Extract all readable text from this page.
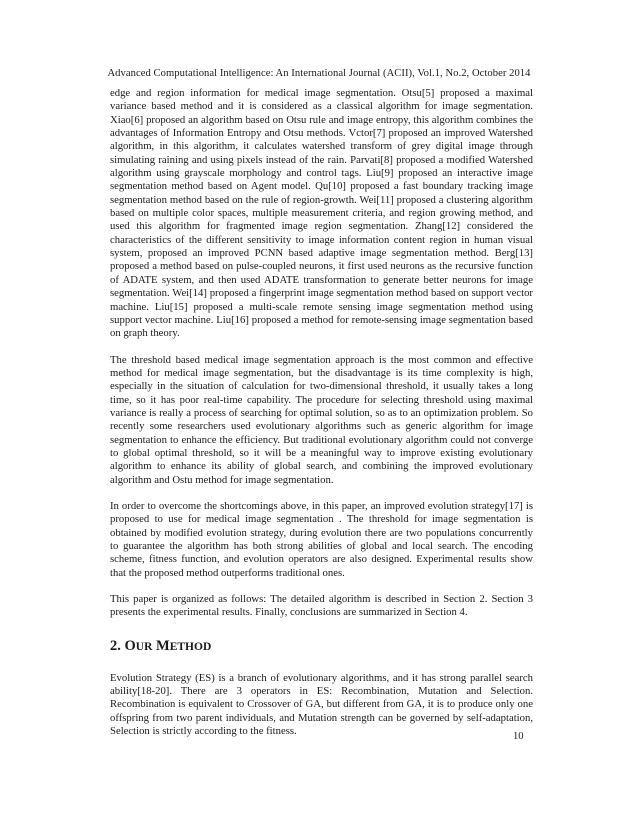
Advanced Computational Intelligence: An International Journal (ACII), Vol.1, No.2, October 2014

edge and region information for medical image segmentation. Otsu[5] proposed a maximal variance based method and it is considered as a classical algorithm for image segmentation. Xiao[6] proposed an algorithm based on Otsu rule and image entropy, this algorithm combines the advantages of Information Entropy and Otsu methods. Vctor[7] proposed an improved Watershed algorithm, in this algorithm, it calculates watershed transform of grey digital image through simulating raining and using pixels instead of the rain. Parvati[8] proposed a modified Watershed algorithm using grayscale morphology and control tags. Liu[9] proposed an interactive image segmentation method based on Agent model. Qu[10] proposed a fast boundary tracking image segmentation method based on the rule of region-growth. Wei[11] proposed a clustering algorithm based on multiple color spaces, multiple measurement criteria, and region growing method, and used this algorithm for fragmented image region segmentation. Zhang[12] considered the characteristics of the different sensitivity to image information content region in human visual system, proposed an improved PCNN based adaptive image segmentation method. Berg[13] proposed a method based on pulse-coupled neurons, it first used neurons as the recursive function of ADATE system, and then used ADATE transformation to generate better neurons for image segmentation. Wei[14] proposed a fingerprint image segmentation method based on support vector machine. Liu[15] proposed a multi-scale remote sensing image segmentation method using support vector machine. Liu[16] proposed a method for remote-sensing image segmentation based on graph theory.

The threshold based medical image segmentation approach is the most common and effective method for medical image segmentation, but the disadvantage is its time complexity is high, especially in the situation of calculation for two-dimensional threshold, it usually takes a long time, so it has poor real-time capability. The procedure for selecting threshold using maximal variance is really a process of searching for optimal solution, so as to an optimization problem. So recently some researchers used evolutionary algorithms such as generic algorithm for image segmentation to enhance the efficiency. But traditional evolutionary algorithm could not converge to global optimal threshold, so it will be a meaningful way to improve existing evolutionary algorithm to enhance its ability of global search, and combining the improved evolutionary algorithm and Ostu method for image segmentation.

In order to overcome the shortcomings above, in this paper, an improved evolution strategy[17] is proposed to use for medical image segmentation . The threshold for image segmentation is obtained by modified evolution strategy, during evolution there are two populations concurrently to guarantee the algorithm has both strong abilities of global and local search. The encoding scheme, fitness function, and evolution operators are also designed. Experimental results show that the proposed method outperforms traditional ones.

This paper is organized as follows: The detailed algorithm is described in Section 2. Section 3 presents the experimental results. Finally, conclusions are summarized in Section 4.

2. OUR METHOD

Evolution Strategy (ES) is a branch of evolutionary algorithms, and it has strong parallel search ability[18-20]. There are 3 operators in ES: Recombination, Mutation and Selection. Recombination is equivalent to Crossover of GA, but different from GA, it is to produce only one offspring from two parent individuals, and Mutation strength can be governed by self-adaptation, Selection is strictly according to the fitness.	10
